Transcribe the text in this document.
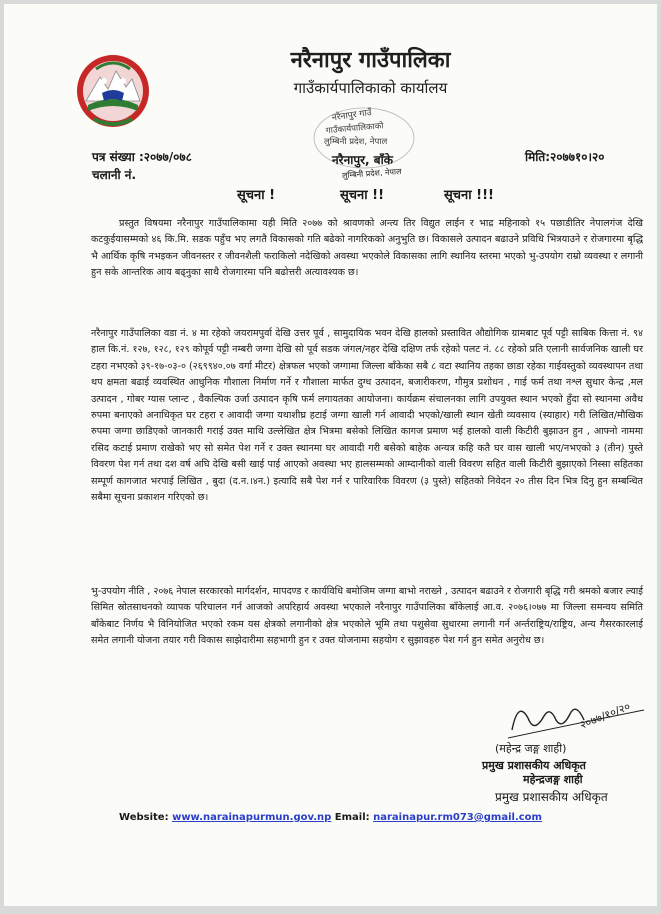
नरैनापुर गाउँपालिका
गाउँकार्यपालिकाको कार्यालय
नरैनापुर गाउँ
गाउँकार्यपालिकाको
लुम्बिनी प्रदेश, नेपाल
नरैनापुर, बाँके
लुम्बिनी प्रदेश, नेपाल
पत्र संख्या :२०७७/०७८
चलानी नं.
मिति:२०७७१०।२०
सूचना !	सूचना !!	सूचना !!!

प्रस्तुत विषयमा नरैनापुर गाउँपालिकामा यही मिति २०७७ को श्रावणको अन्त्य तिर विद्युत लाईन र भाद्र महिनाको १५ पछाडीतिर नेपालगंज देखि कटकुईयासम्मको ४६ कि.मि. सडक पहुँच भए लगतै विकासको गति बढेको नागरिकको अनुभुति छ। विकासले उत्पादन बढाउने प्रविधि भित्रयाउने र रोजगारमा बृद्धि भै आर्थिक कृषि नभइकन जीवनस्तर र जीवनशैली फराकिलो नदेखिको अवस्था भएकोले विकासका लागि स्थानिय स्तरमा भएको भु-उपयोग राम्रो व्यवस्था र लगानी हुन सके आन्तरिक आय बढ्नुका साथै रोजगारमा पनि बढोत्तरी अत्यावश्यक छ।

नरैनापुर गाउँपालिका वडा नं. ४ मा रहेको जयरामपुर्वा देखि उत्तर पूर्व , सामुदायिक भवन देखि हालको प्रस्तावित औद्योगिक ग्रामबाट पूर्व पट्टी साबिक कित्ता नं. ९४ हाल कि.नं. १२७, १२८, १२९ कोपूर्व पट्टी नम्बरी जग्गा देखि सो पूर्व सडक जंगल/नहर देखि दक्षिण तर्फ रहेको पलट नं. ८८ रहेको प्रति एलानी सार्वजनिक खाली घर टहरा नभएको ३९-१७-०३-० (२६९९४०.०७ वर्गा मीटर) क्षेत्रफल भएको जग्गामा जिल्ला बाँकेका सबै ८ वटा स्थानिय तहका छाडा रहेका गाईवस्तुको व्यवस्थापन तथा थप क्षमता बढाई व्यवस्थित आधुनिक गौशाला निर्माण गर्ने र गौशाला मार्फत दुग्ध उत्पादन, बजारीकरण, गौमुत्र प्रशोधन , गाई फर्म तथा नश्ल सुधार केन्द्र ,मल उत्पादन , गोबर ग्यास प्लान्ट , वैकल्पिक उर्जा उत्पादन कृषि फर्म लगायतका आयोजना। कार्यक्रम संचालनका लागि उपयुक्त स्थान भएको हुँदा सो स्थानमा अवैध रुपमा बनाएको अनाधिकृत घर टहरा र आवादी जग्गा यथाशीघ्र हटाई जग्गा खाली गर्न आवादी भएको/खाली स्थान खेती व्यवसाय (स्याहार) गरी लिखित/मौखिक रुपमा जग्गा छाडिएको जानकारी गराई उक्त माथि उल्लेखित क्षेत्र भित्रमा बसेको लिखित कागज प्रमाण भई हालको वाली किटीरी बुझाउन हुन , आफ्नो नाममा रसिद कटाई प्रमाण राखेको भए सो समेत पेश गर्ने र उक्त स्थानमा घर आवादी गरी बसेको बाहेक अन्यत्र कहि कतै घर वास खाली भए/नभएको ३ (तीन) पुस्ते विवरण पेश गर्न तथा दश वर्ष अघि देखि बसी खाई पाई आएको अवस्था भए हालसम्मको आम्दानीको वाली विवरण सहित वाली किटीरी बुझाएको निस्सा सहितका सम्पूर्ण कागजात भरपाई लिखित , बुदा (द.न.।४न.) इत्यादि सबै पेश गर्न र पारिवारिक विवरण (३ पुस्ते) सहितको निवेदन २० तीस दिन भित्र दिनु हुन सम्बन्धित सबैमा सूचना प्रकाशन गरिएको छ।

भु-उपयोग नीति , २०७६ नेपाल सरकारको मार्गदर्शन, मापदण्ड र कार्यविधि बमोजिम जग्गा बाभो नराख्ने , उत्पादन बढाउने र रोजगारी बृद्धि गरी श्रमको बजार ल्याई सिमित स्रोतसाधनको व्यापक परिचालन गर्न आजको अपरिहार्य अवस्था भएकाले नरैनापुर गाउँपालिका बाँकेलाई आ.व. २०७६।०७७ मा जिल्ला समन्वय समिति बाँकेबाट निर्णय भै विनियोजित भएको रकम यस क्षेत्रको लगानीको क्षेत्र भएकोले भूमि तथा पशुसेवा सुधारमा लगानी गर्न अर्न्तराष्ट्रिय/राष्ट्रिय, अन्य गैसरकारलाई समेत लगानी योजना तयार गरी विकास साझेदारीमा सहभागी हुन र उक्त योजनामा सहयोग र सुझावहरु पेश गर्न हुन समेत अनुरोध छ।

२०७७/१०/२०
(महेन्द्र जङ्ग शाही)
प्रमुख प्रशासकीय अधिकृत
महेन्द्रजङ्ग शाही
प्रमुख प्रशासकीय अधिकृत
Website: www.narainapurmun.gov.np Email: narainapur.rm073@gmail.com
